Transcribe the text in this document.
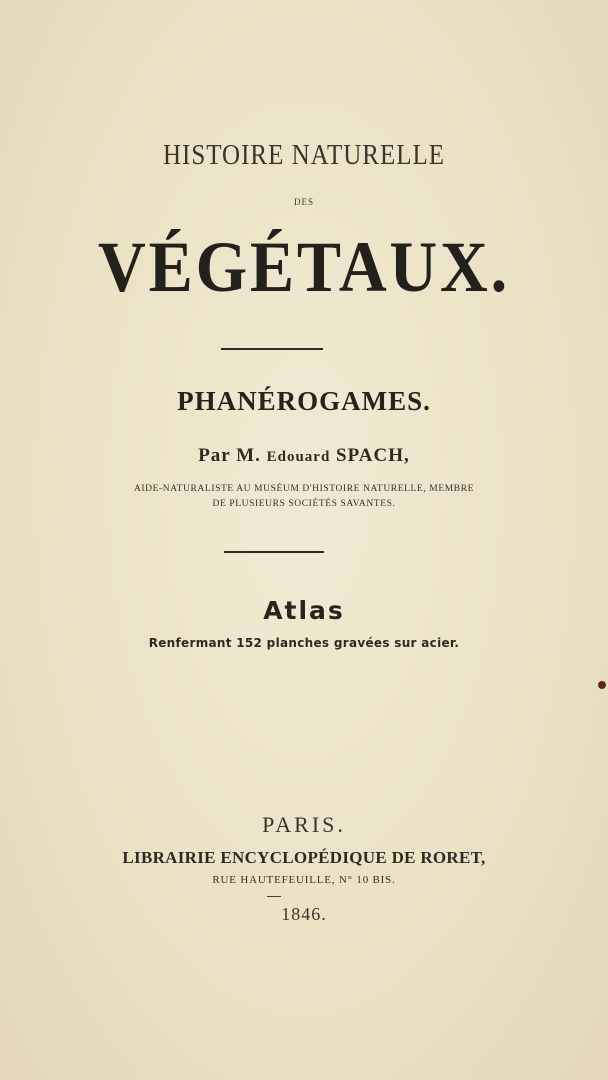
HISTOIRE NATURELLE
DES
VÉGÉTAUX.
PHANÉROGAMES.
Par M. Edouard SPACH,
AIDE-NATURALISTE AU MUSÉUM D'HISTOIRE NATURELLE, MEMBRE
DE PLUSIEURS SOCIÉTÉS SAVANTES.
Atlas
Renfermant 152 planches gravées sur acier.
PARIS.
LIBRAIRIE ENCYCLOPÉDIQUE DE RORET,
RUE HAUTEFEUILLE, N° 10 BIS.
1846.
